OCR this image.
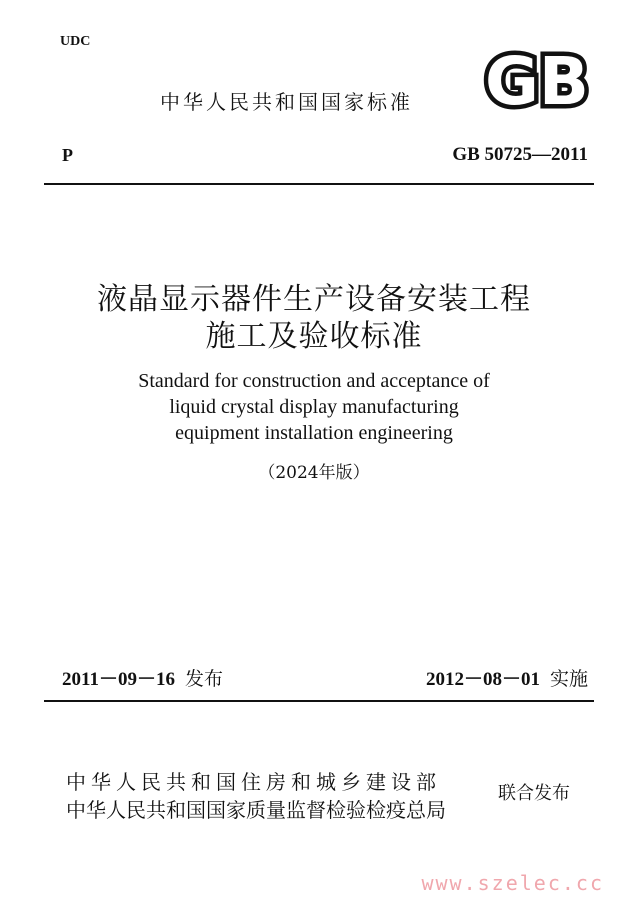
UDC
中华人民共和国国家标准 GB
P	GB 50725—2011
液晶显示器件生产设备安装工程
施工及验收标准
Standard for construction and acceptance of
liquid crystal display manufacturing
equipment installation engineering
（2024年版）
2011－09－16 发布	2012－08－01 实施
中华人民共和国住房和城乡建设部
中华人民共和国国家质量监督检验检疫总局
联合发布
www.szelec.cc
